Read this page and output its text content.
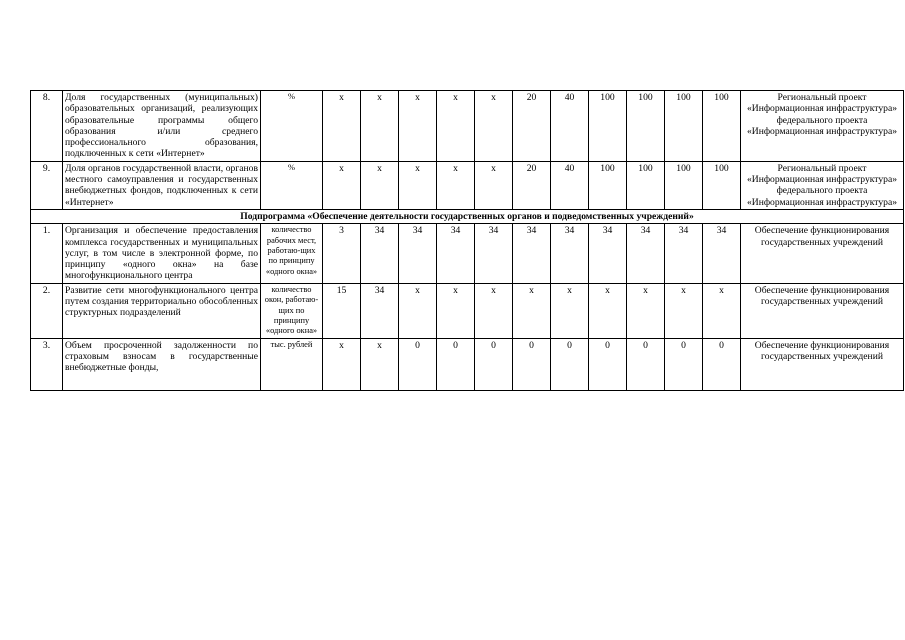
8.	Доля государственных (муниципальных) образовательных организаций, реализующих образовательные программы общего образования и/или среднего профессионального образования, подключенных к сети «Интернет»	%	х	х	х	х	х	20	40	100	100	100	100	Региональный проект «Информационная инфраструктура» федерального проекта «Информационная инфраструктура»
9.	Доля органов государственной власти, органов местного самоуправления и государственных внебюджетных фондов, подключенных к сети «Интернет»	%	х	х	х	х	х	20	40	100	100	100	100	Региональный проект «Информационная инфраструктура» федерального проекта «Информационная инфраструктура»
Подпрограмма «Обеспечение деятельности государственных органов и подведомственных учреждений»														
1.	Организация и обеспечение предоставления комплекса государственных и муниципальных услуг, в том числе в электронной форме, по принципу «одного окна» на базе многофункционального центра	количество рабочих мест, работаю-щих по принципу «одного окна»	3	34	34	34	34	34	34	34	34	34	34	Обеспечение функционирования государственных учреждений
2.	Развитие сети многофункционального центра путем создания территориально обособленных структурных подразделений	количество окон, работаю-щих по принципу «одного окна»	15	34	х	х	х	х	х	х	х	х	х	Обеспечение функционирования государственных учреждений

3.	Объем просроченной задолженности по страховым взносам в государственные внебюджетные фонды,	тыс. рублей	х	х	0	0	0	0	0	0	0	0	0	Обеспечение функционирования государственных учреждений
